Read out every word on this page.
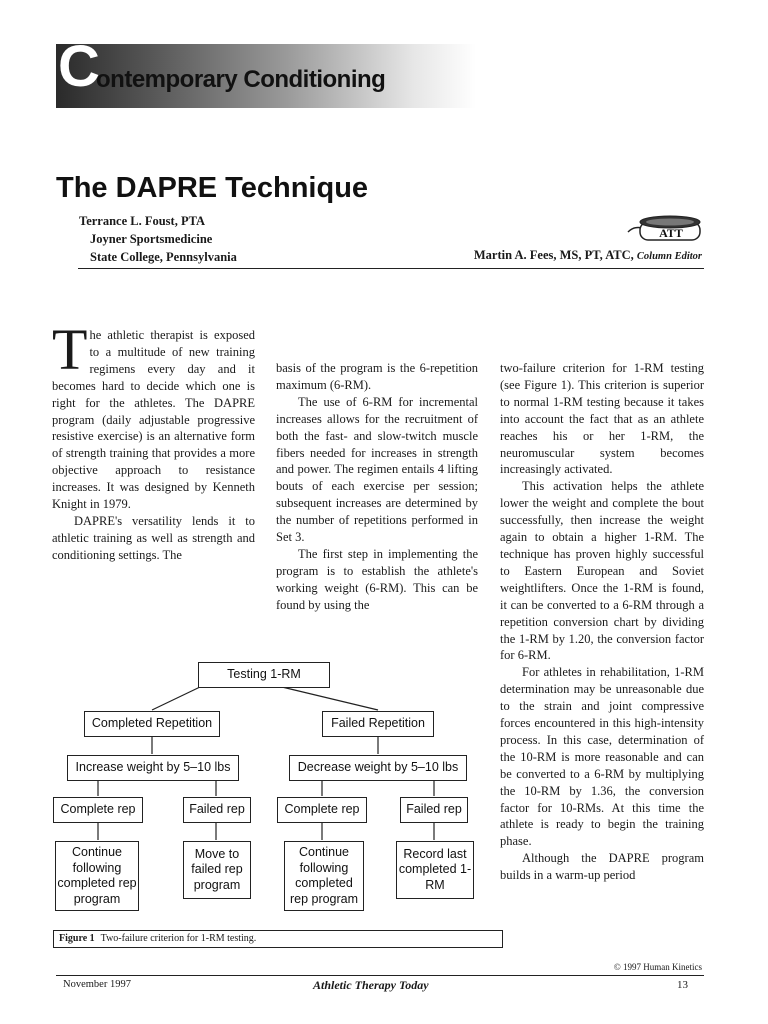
C
ontemporary Conditioning
The DAPRE Technique
Terrance L. Foust, PTA
Joyner Sportsmedicine
State College, Pennsylvania	Martin A. Fees, MS, PT, ATC, Column Editor
ATT

The athletic therapist is exposed to a multitude of new training regimens every day and it becomes hard to decide which one is right for the athletes. The DAPRE program (daily adjustable progressive resistive exercise) is an alternative form of strength training that provides a more objective approach to resistance increases. It was designed by Kenneth Knight in 1979.

DAPRE's versatility lends it to athletic training as well as strength and conditioning settings. The

basis of the program is the 6-repetition maximum (6-RM).

The use of 6-RM for incremental increases allows for the recruitment of both the fast- and slow-twitch muscle fibers needed for increases in strength and power. The regimen entails 4 lifting bouts of each exercise per session; subsequent increases are determined by the number of repetitions performed in Set 3.

The first step in implementing the program is to establish the athlete's working weight (6-RM). This can be found by using the

two-failure criterion for 1-RM testing (see Figure 1). This criterion is superior to normal 1-RM testing because it takes into account the fact that as an athlete reaches his or her 1-RM, the neuromuscular system becomes increasingly activated.

This activation helps the athlete lower the weight and complete the bout successfully, then increase the weight again to obtain a higher 1-RM. The technique has proven highly successful to Eastern European and Soviet weightlifters. Once the 1-RM is found, it can be converted to a 6-RM through a repetition conversion chart by dividing the 1-RM by 1.20, the conversion factor for 6-RM.

For athletes in rehabilitation, 1-RM determination may be unreasonable due to the strain and joint compressive forces encountered in this high-intensity process. In this case, determination of the 10-RM is more reasonable and can be converted to a 6-RM by multiplying the 10-RM by 1.36, the conversion factor for 10-RMs. At this time the athlete is ready to begin the training phase.

Although the DAPRE program builds in a warm-up period

Testing 1-RM
Completed Repetition	Failed Repetition
Increase weight by 5–10 lbs	Decrease weight by 5–10 lbs
Complete rep	Failed rep	Complete rep	Failed rep
Continue following completed rep program
Move to failed rep program
Continue following completed rep program
Record last completed 1-RM
Figure 1 Two-failure criterion for 1-RM testing.
© 1997 Human Kinetics
November 1997	Athletic Therapy Today	13
